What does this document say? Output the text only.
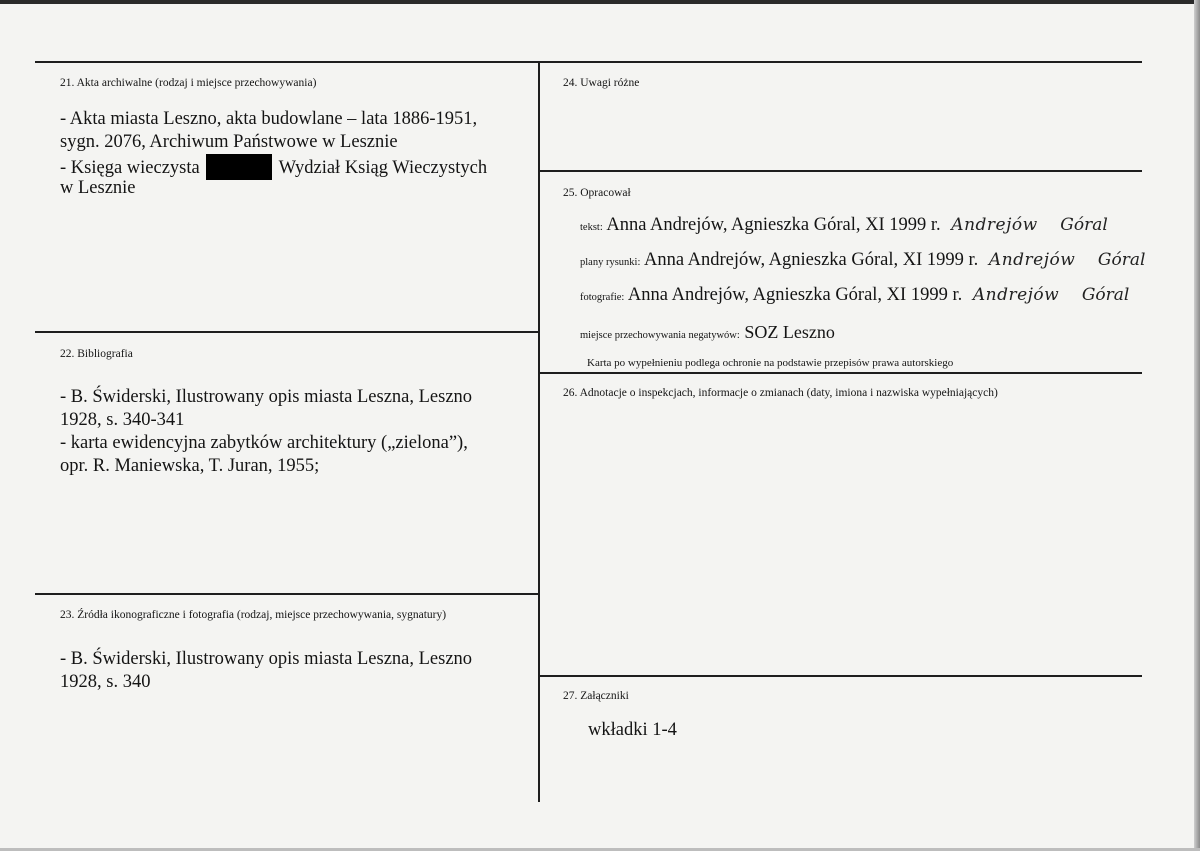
21. Akta archiwalne (rodzaj i miejsce przechowywania)
- Akta miasta Leszno, akta budowlane – lata 1886-1951,
sygn. 2076, Archiwum Państwowe w Lesznie
- Księga wieczysta	Wydział Ksiąg Wieczystych
w Lesznie
22. Bibliografia
- B. Świderski, Ilustrowany opis miasta Leszna, Leszno
1928, s. 340-341
- karta ewidencyjna zabytków architektury („zielona”),
opr. R. Maniewska, T. Juran, 1955;
23. Źródła ikonograficzne i fotografia (rodzaj, miejsce przechowywania, sygnatury)
- B. Świderski, Ilustrowany opis miasta Leszna, Leszno
1928, s. 340
24. Uwagi różne
25. Opracował
tekst: Anna Andrejów, Agnieszka Góral, XI 1999 r. Andrejów Góral
plany rysunki: Anna Andrejów, Agnieszka Góral, XI 1999 r. Andrejów Góral
fotografie: Anna Andrejów, Agnieszka Góral, XI 1999 r. Andrejów Góral
miejsce przechowywania negatywów: SOZ Leszno
Karta po wypełnieniu podlega ochronie na podstawie przepisów prawa autorskiego
26. Adnotacje o inspekcjach, informacje o zmianach (daty, imiona i nazwiska wypełniających)
27. Załączniki
wkładki 1-4
